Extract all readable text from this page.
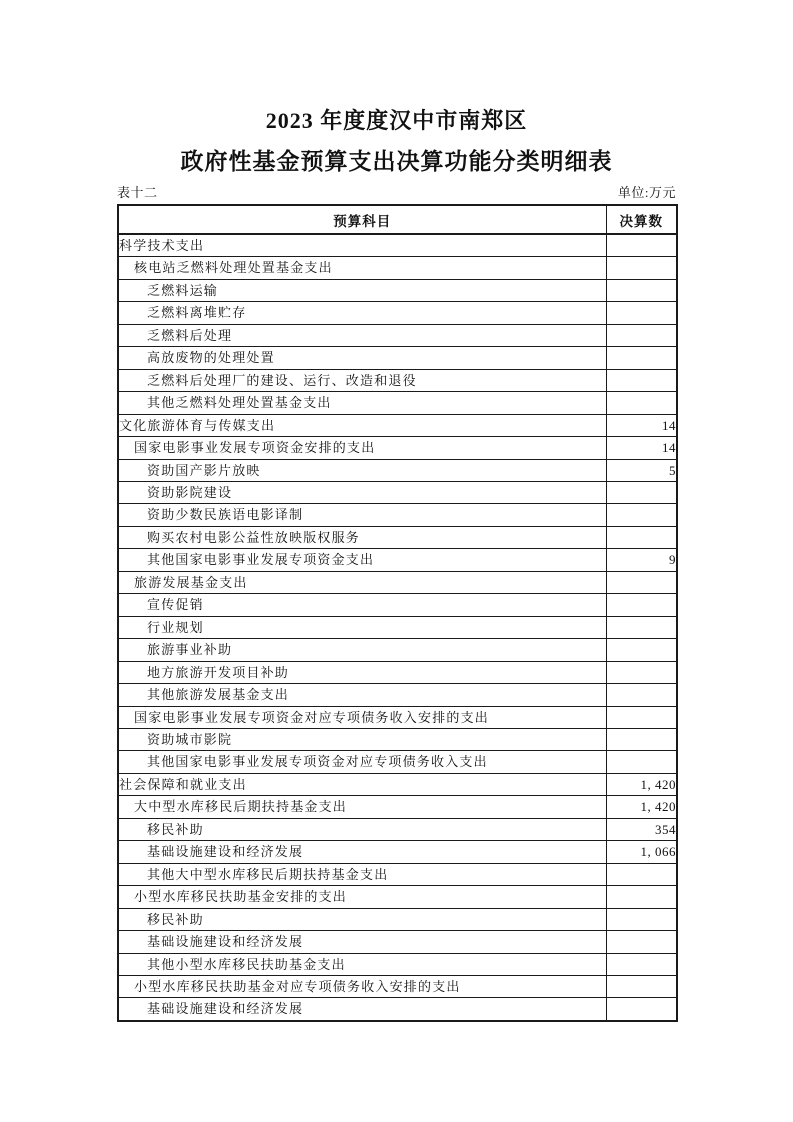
2023 年度度汉中市南郑区
政府性基金预算支出决算功能分类明细表
表十二	单位:万元
预算科目	决算数
科学技术支出	
核电站乏燃料处理处置基金支出	
乏燃料运输	
乏燃料离堆贮存	
乏燃料后处理	
高放废物的处理处置	
乏燃料后处理厂的建设、运行、改造和退役	
其他乏燃料处理处置基金支出	
文化旅游体育与传媒支出	14
国家电影事业发展专项资金安排的支出	14
资助国产影片放映	5
资助影院建设	
资助少数民族语电影译制	
购买农村电影公益性放映版权服务	
其他国家电影事业发展专项资金支出	9
旅游发展基金支出	
宣传促销	
行业规划	
旅游事业补助	
地方旅游开发项目补助	
其他旅游发展基金支出	
国家电影事业发展专项资金对应专项债务收入安排的支出	
资助城市影院	
其他国家电影事业发展专项资金对应专项债务收入支出	
社会保障和就业支出	1, 420
大中型水库移民后期扶持基金支出	1, 420
移民补助	354
基础设施建设和经济发展	1, 066
其他大中型水库移民后期扶持基金支出	
小型水库移民扶助基金安排的支出	
移民补助	
基础设施建设和经济发展	
其他小型水库移民扶助基金支出	
小型水库移民扶助基金对应专项债务收入安排的支出	
基础设施建设和经济发展	
